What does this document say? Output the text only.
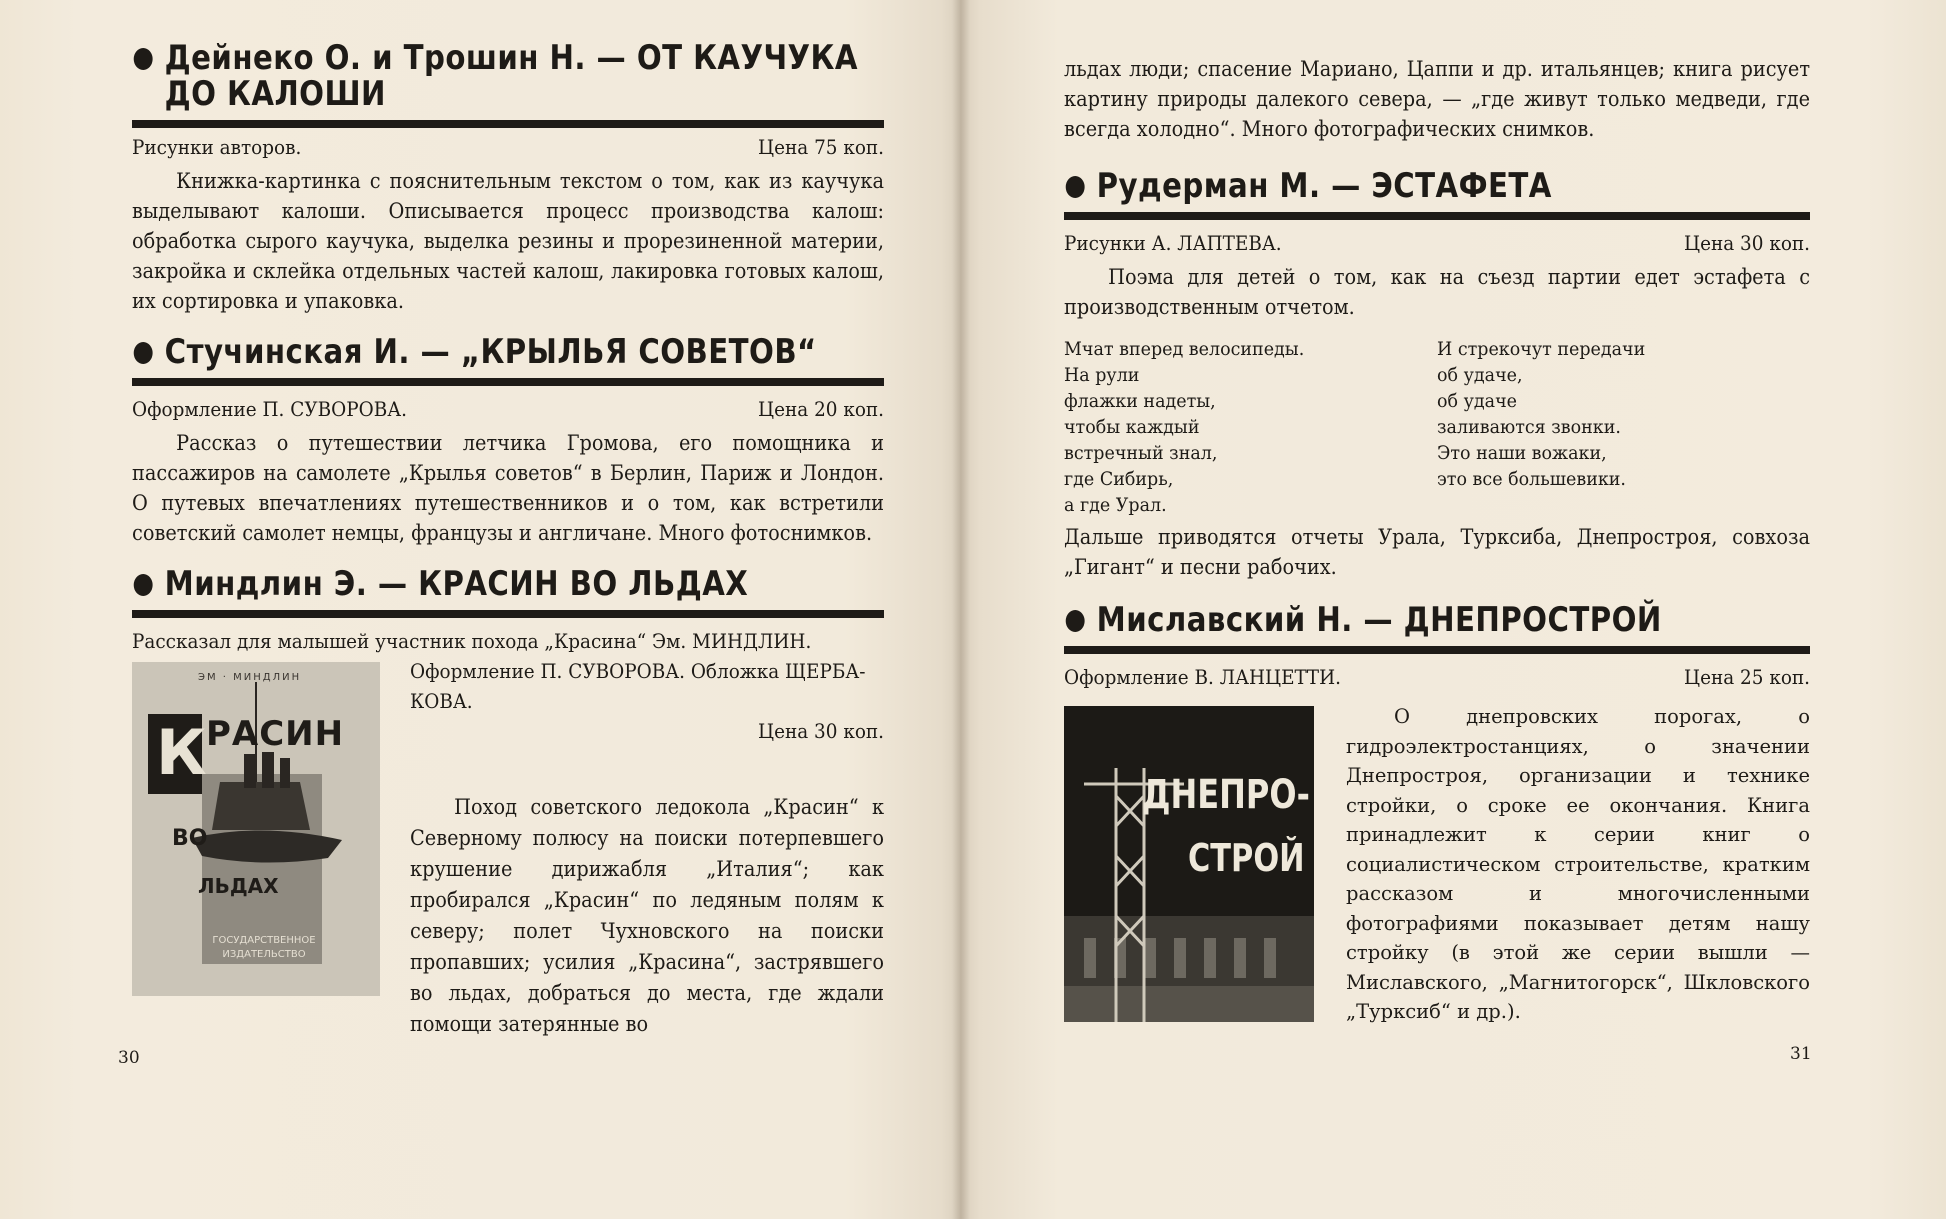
Дейнеко О. и Трошин Н. — ОТ КАУЧУКА
ДО КАЛОШИ
Рисунки авторов.	Цена 75 коп.

Книжка-картинка с пояснительным текстом о том, как из каучука выделывают калоши. Описывается процесс производства калош: обработка сырого каучука, выделка резины и прорезиненной материи, закройка и склейка отдельных частей калош, лакировка готовых калош, их сортировка и упаковка.

Стучинская И. — „КРЫЛЬЯ СОВЕТОВ“
Оформление П. СУВОРОВА.	Цена 20 коп.

Рассказ о путешествии летчика Громова, его помощника и пассажиров на самолете „Крылья советов“ в Берлин, Париж и Лондон. О путевых впечатлениях путешественников и о том, как встретили советский самолет немцы, французы и англичане. Много фотоснимков.

Миндлин Э. — КРАСИН ВО ЛЬДАХ
Рассказал для малышей участник похода „Красина“ Эм. МИНДЛИН.
ЭМ · МИНДЛИН
К РАСИН
ВО
ЛЬДАХ
ГОСУДАРСТВЕННОЕ ИЗДАТЕЛЬСТВО
Оформление П. СУВОРОВА. Обложка ЩЕРБА-КОВА.
Цена 30 коп.

Поход советского ледокола „Красин“ к Северному полюсу на поиски потерпевшего крушение дирижабля „Италия“; как пробирался „Красин“ по ледяным полям к северу; полет Чухновского на поиски пропавших; усилия „Красина“, застрявшего во льдах, добраться до места, где ждали помощи затерянные во

30

льдах люди; спасение Мариано, Цаппи и др. итальянцев; книга рисует картину природы далекого севера, — „где живут только медведи, где всегда холодно“. Много фотографических снимков.

Рудерман М. — ЭСТАФЕТА
Рисунки А. ЛАПТЕВА.	Цена 30 коп.

Поэма для детей о том, как на съезд партии едет эстафета с производственным отчетом.

Мчат вперед велосипеды.
На рули
флажки надеты,
чтобы каждый
встречный знал,
где Сибирь,
а где Урал.
И стрекочут передачи
об удаче,
об удаче
заливаются звонки.
Это наши вожаки,
это все большевики.

Дальше приводятся отчеты Урала, Турксиба, Днепростроя, совхоза „Гигант“ и песни рабочих.

Миславский Н. — ДНЕПРОСТРОЙ
Оформление В. ЛАНЦЕТТИ.	Цена 25 коп.
ДНЕПРО-
СТРОЙ

О днепровских порогах, о гидроэлектростанциях, о значении Днепростроя, организации и технике стройки, о сроке ее окончания. Книга принадлежит к серии книг о социалистическом строительстве, кратким рассказом и многочисленными фотографиями показывает детям нашу стройку (в этой же серии вышли — Миславского, „Магнитогорск“, Шкловского „Турксиб“ и др.).

31
